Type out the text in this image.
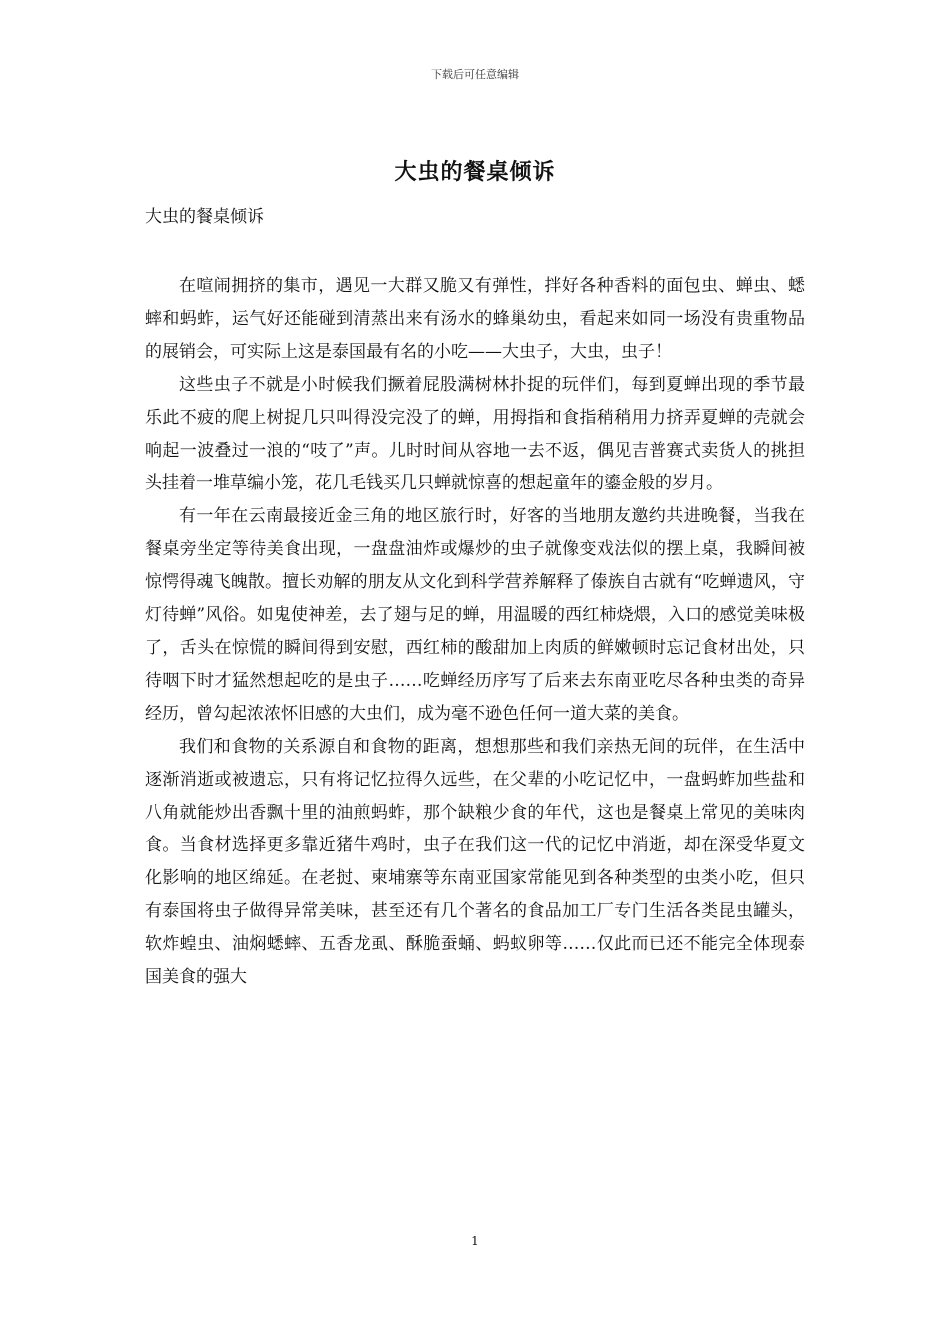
下载后可任意编辑
大虫的餐桌倾诉
大虫的餐桌倾诉

在喧闹拥挤的集市，遇见一大群又脆又有弹性，拌好各种香料的面包虫、蝉虫、蟋蟀和蚂蚱，运气好还能碰到清蒸出来有汤水的蜂巢幼虫，看起来如同一场没有贵重物品的展销会，可实际上这是泰国最有名的小吃——大虫子，大虫，虫子！

这些虫子不就是小时候我们撅着屁股满树林扑捉的玩伴们，每到夏蝉出现的季节最乐此不疲的爬上树捉几只叫得没完没了的蝉，用拇指和食指稍稍用力挤弄夏蝉的壳就会响起一波叠过一浪的“吱了”声。儿时时间从容地一去不返，偶见吉普赛式卖货人的挑担头挂着一堆草编小笼，花几毛钱买几只蝉就惊喜的想起童年的鎏金般的岁月。

有一年在云南最接近金三角的地区旅行时，好客的当地朋友邀约共进晚餐，当我在餐桌旁坐定等待美食出现，一盘盘油炸或爆炒的虫子就像变戏法似的摆上桌，我瞬间被惊愕得魂飞魄散。擅长劝解的朋友从文化到科学营养解释了傣族自古就有“吃蝉遗风，守灯待蝉”风俗。如鬼使神差，去了翅与足的蝉，用温暖的西红柿烧煨，入口的感觉美味极了，舌头在惊慌的瞬间得到安慰，西红柿的酸甜加上肉质的鲜嫩顿时忘记食材出处，只待咽下时才猛然想起吃的是虫子……吃蝉经历序写了后来去东南亚吃尽各种虫类的奇异经历，曾勾起浓浓怀旧感的大虫们，成为毫不逊色任何一道大菜的美食。

我们和食物的关系源自和食物的距离，想想那些和我们亲热无间的玩伴，在生活中逐渐消逝或被遗忘，只有将记忆拉得久远些，在父辈的小吃记忆中，一盘蚂蚱加些盐和八角就能炒出香飘十里的油煎蚂蚱，那个缺粮少食的年代，这也是餐桌上常见的美味肉食。当食材选择更多靠近猪牛鸡时，虫子在我们这一代的记忆中消逝，却在深受华夏文化影响的地区绵延。在老挝、柬埔寨等东南亚国家常能见到各种类型的虫类小吃，但只有泰国将虫子做得异常美味，甚至还有几个著名的食品加工厂专门生活各类昆虫罐头，软炸蝗虫、油焖蟋蟀、五香龙虱、酥脆蚕蛹、蚂蚁卵等……仅此而已还不能完全体现泰国美食的强大

1
